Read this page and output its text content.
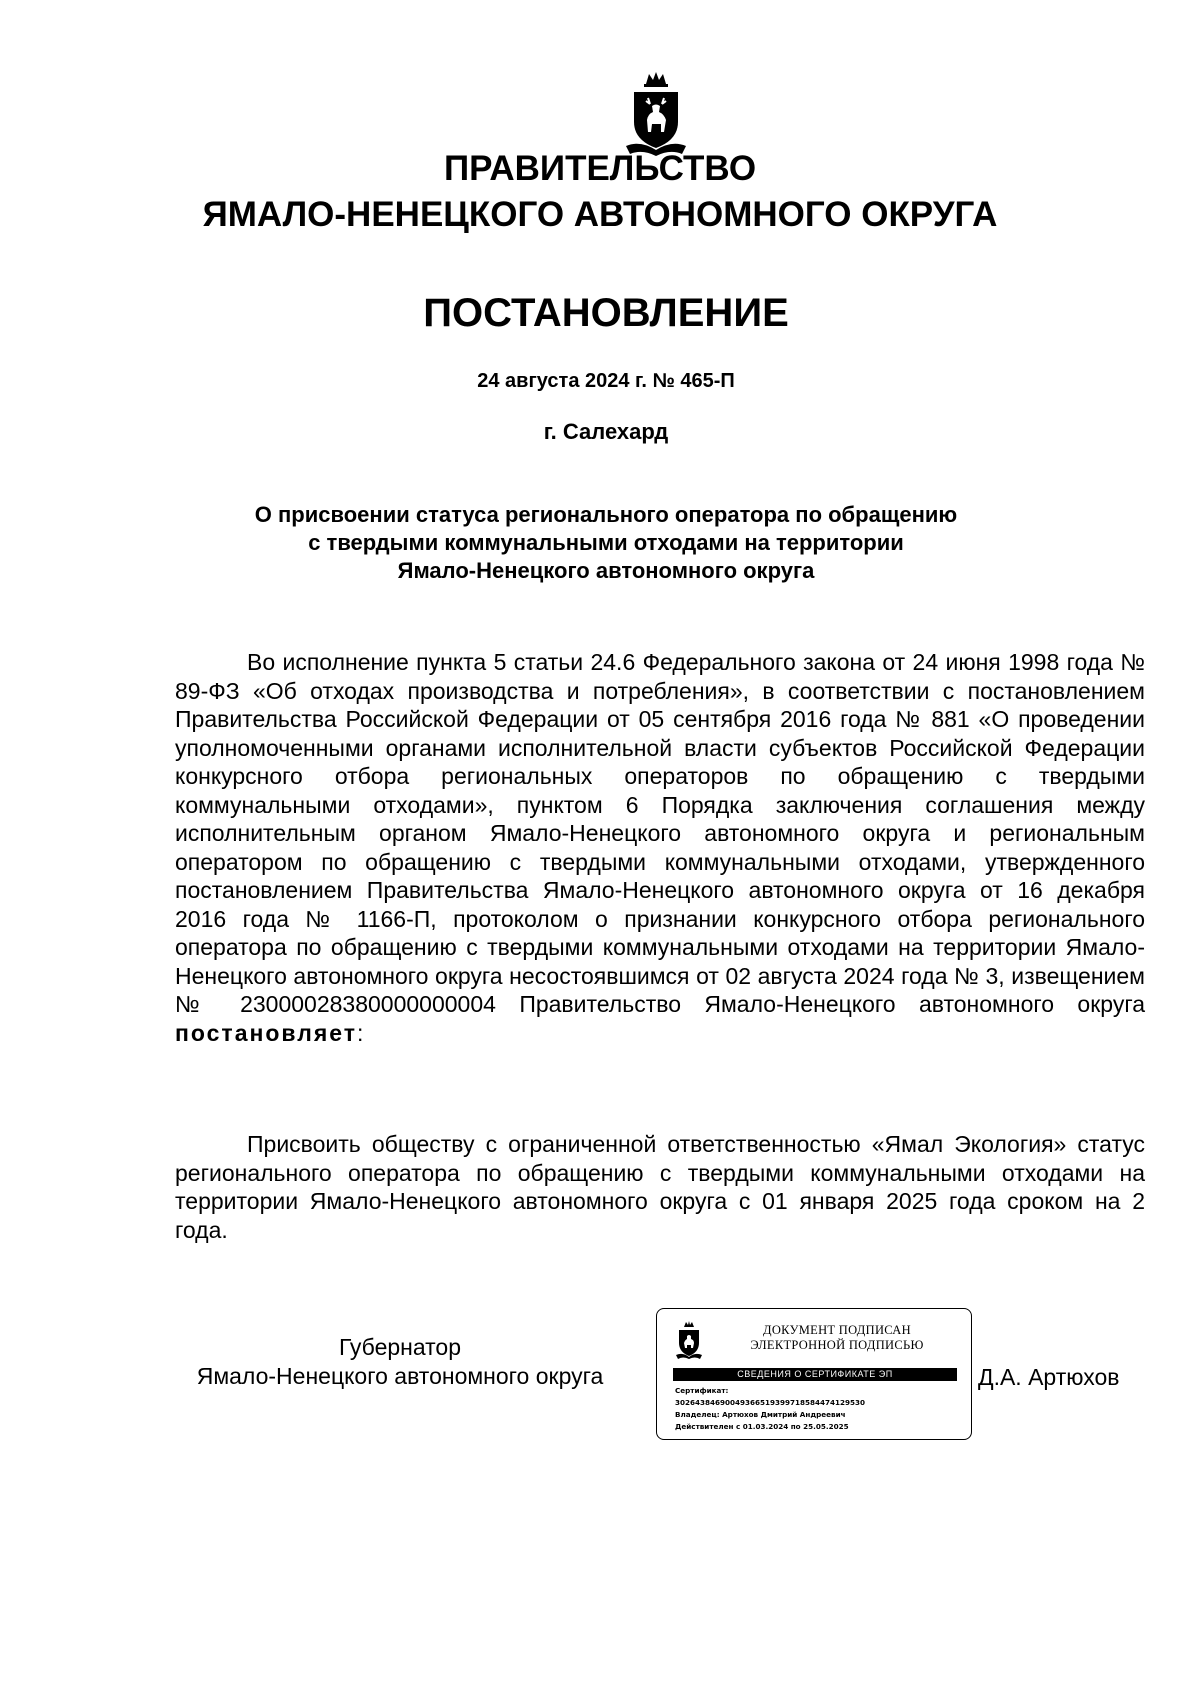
ПРАВИТЕЛЬСТВО
ЯМАЛО-НЕНЕЦКОГО АВТОНОМНОГО ОКРУГА
ПОСТАНОВЛЕНИЕ
24 августа 2024 г. № 465-П
г. Салехард
О присвоении статуса регионального оператора по обращению
с твердыми коммунальными отходами на территории
Ямало-Ненецкого автономного округа

Во исполнение пункта 5 статьи 24.6 Федерального закона от 24 июня 1998 года № 89-ФЗ «Об отходах производства и потребления», в соответствии с постановлением Правительства Российской Федерации от 05 сентября 2016 года № 881 «О проведении уполномоченными органами исполнительной власти субъектов Российской Федерации конкурсного отбора региональных операторов по обращению с твердыми коммунальными отходами», пунктом 6 Порядка заключения соглашения между исполнительным органом Ямало-Ненецкого автономного округа и региональным оператором по обращению с твердыми коммунальными отходами, утвержденного постановлением Правительства Ямало-Ненецкого автономного округа от 16 декабря 2016 года № 1166-П, протоколом о признании конкурсного отбора регионального оператора по обращению с твердыми коммунальными отходами на территории Ямало-Ненецкого автономного округа несостоявшимся от 02 августа 2024 года № 3, извещением № 23000028380000000004 Правительство Ямало-Ненецкого автономного округа постановляет:

Присвоить обществу с ограниченной ответственностью «Ямал Экология» статус регионального оператора по обращению с твердыми коммунальными отходами на территории Ямало-Ненецкого автономного округа с 01 января 2025 года сроком на 2 года.

Губернатор
Ямало-Ненецкого автономного округа
ДОКУМЕНТ ПОДПИСАН
ЭЛЕКТРОННОЙ ПОДПИСЬЮ
СВЕДЕНИЯ О СЕРТИФИКАТЕ ЭП
Сертификат:
30264384690049366519399718584474129530
Владелец: Артюхов Дмитрий Андреевич
Действителен с 01.03.2024 по 25.05.2025
Д.А. Артюхов
